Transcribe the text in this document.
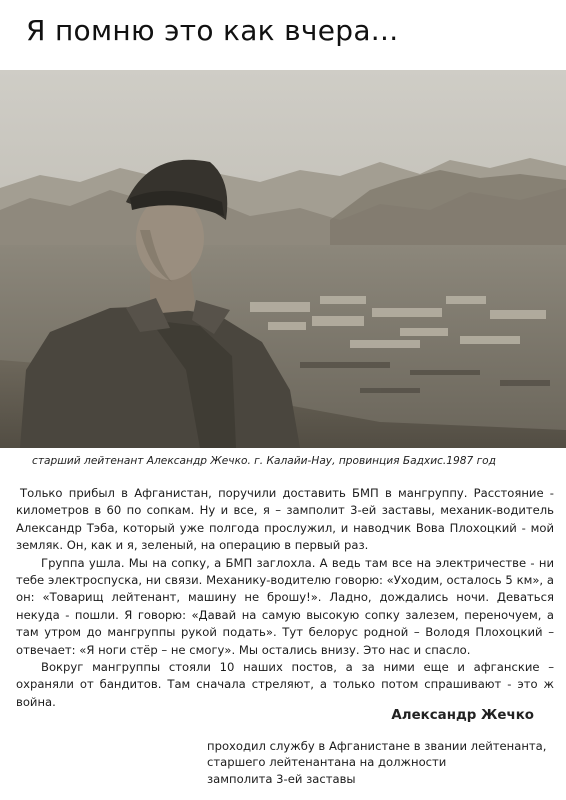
Я помню это как вчера...

старший лейтенант Александр Жечко. г. Калайи-Нау, провинция Бадхис.1987 год

Только прибыл в Афганистан, поручили доставить БМП в мангруппу. Расстояние - километров в 60 по сопкам. Ну и все, я – замполит 3-ей заставы, механик-водитель Александр Тэба, который уже полгода прослужил, и наводчик Вова Плохоцкий - мой земляк. Он, как и я, зеленый, на операцию в первый раз.

Группа ушла. Мы на сопку, а БМП заглохла. А ведь там все на электричестве - ни тебе электроспуска, ни связи. Механику-водителю говорю: «Уходим, осталось 5 км», а он: «Товарищ лейтенант, машину не брошу!». Ладно, дождались ночи. Деваться некуда - пошли. Я говорю: «Давай на самую высокую сопку залезем, переночуем, а там утром до мангруппы рукой подать». Тут белорус родной – Володя Плохоцкий – отвечает: «Я ноги стёр – не смогу». Мы остались внизу. Это нас и спасло.

Вокруг мангруппы стояли 10 наших постов, а за ними еще и афганские – охраняли от бандитов. Там сначала стреляют, а только потом спрашивают - это ж война.

Александр Жечко

проходил службу в Афганистане в звании лейтенанта,
старшего лейтенантана на должности
замполита 3-ей заставы
